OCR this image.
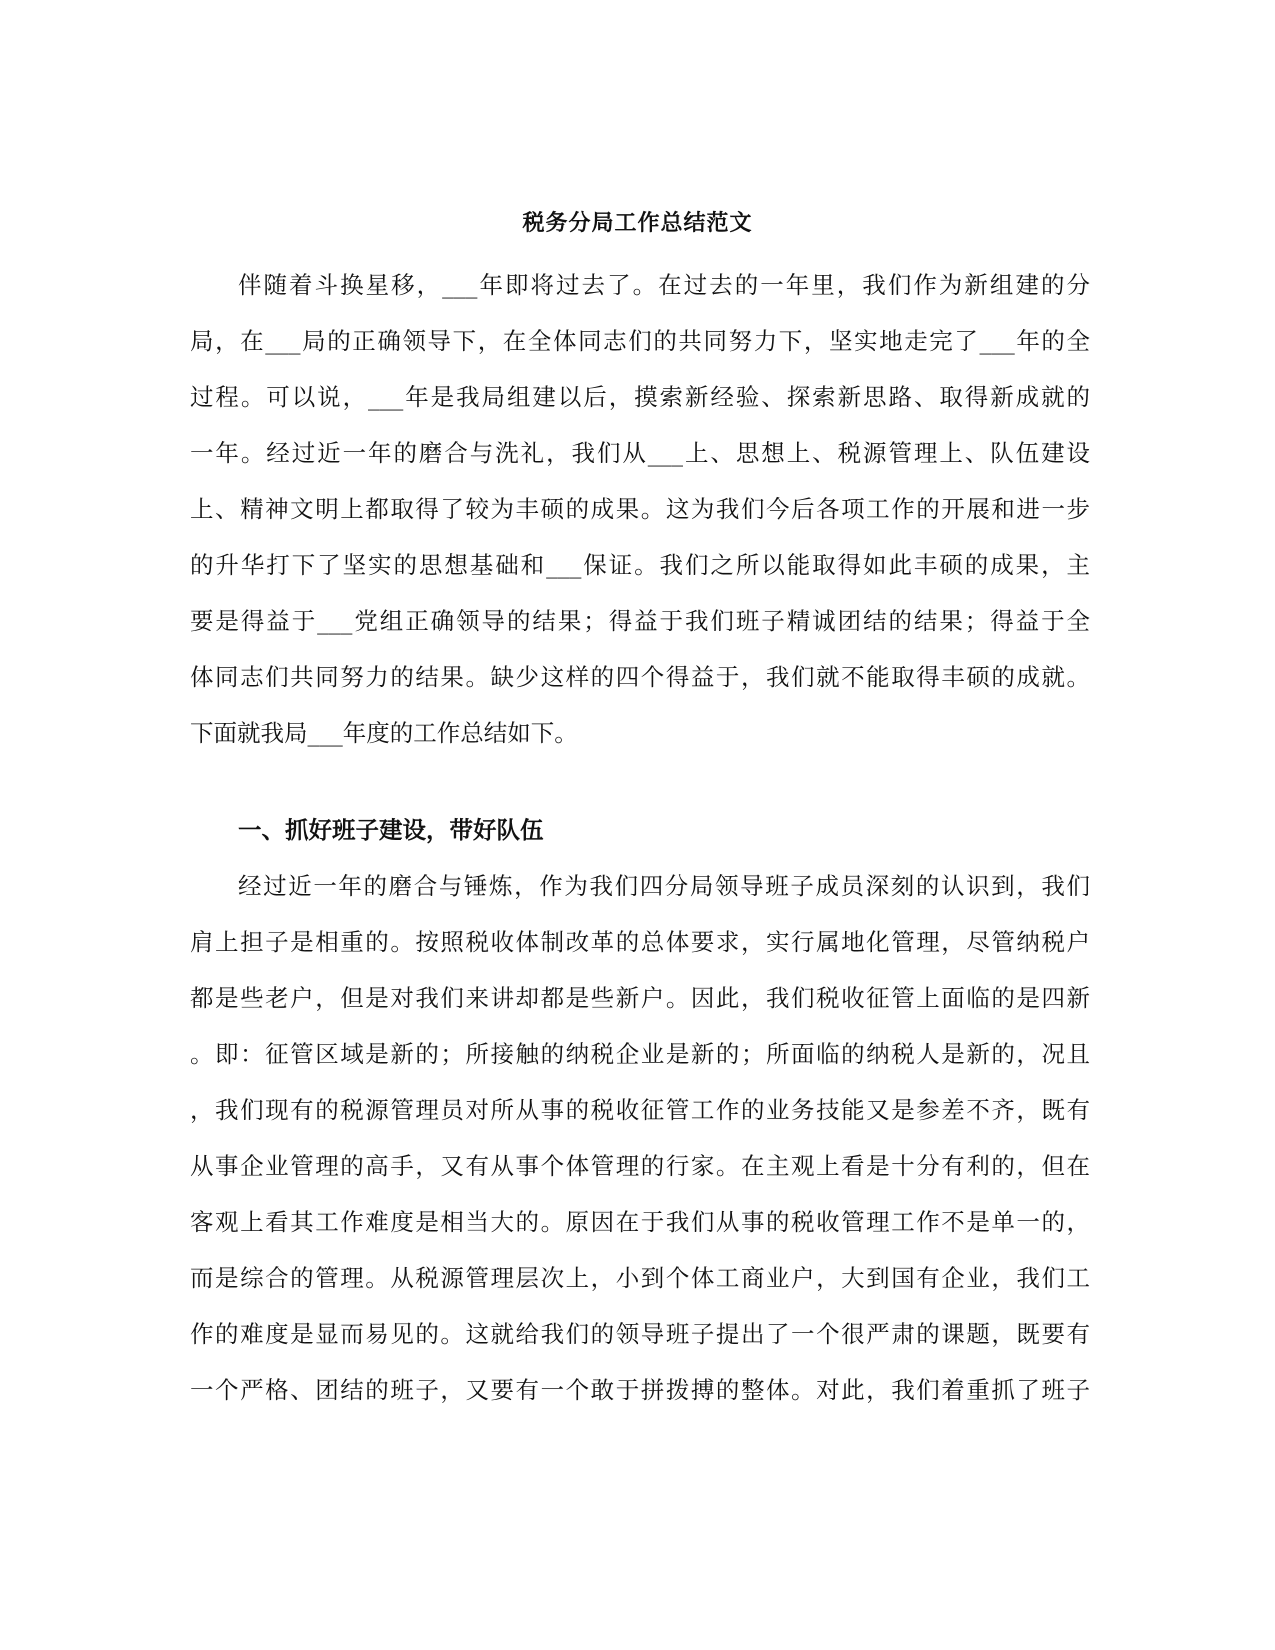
税务分局工作总结范文
伴随着斗换星移，___年即将过去了。在过去的一年里，我们作为新组建的分
局，在___局的正确领导下，在全体同志们的共同努力下，坚实地走完了___年的全
过程。可以说，___年是我局组建以后，摸索新经验、探索新思路、取得新成就的
一年。经过近一年的磨合与洗礼，我们从___上、思想上、税源管理上、队伍建设
上、精神文明上都取得了较为丰硕的成果。这为我们今后各项工作的开展和进一步
的升华打下了坚实的思想基础和___保证。我们之所以能取得如此丰硕的成果，主
要是得益于___党组正确领导的结果；得益于我们班子精诚团结的结果；得益于全
体同志们共同努力的结果。缺少这样的四个得益于，我们就不能取得丰硕的成就。
下面就我局___年度的工作总结如下。
一、抓好班子建设，带好队伍
经过近一年的磨合与锤炼，作为我们四分局领导班子成员深刻的认识到，我们
肩上担子是相重的。按照税收体制改革的总体要求，实行属地化管理，尽管纳税户
都是些老户，但是对我们来讲却都是些新户。因此，我们税收征管上面临的是四新
。即：征管区域是新的；所接触的纳税企业是新的；所面临的纳税人是新的，况且
，我们现有的税源管理员对所从事的税收征管工作的业务技能又是参差不齐，既有
从事企业管理的高手，又有从事个体管理的行家。在主观上看是十分有利的，但在
客观上看其工作难度是相当大的。原因在于我们从事的税收管理工作不是单一的，
而是综合的管理。从税源管理层次上，小到个体工商业户，大到国有企业，我们工
作的难度是显而易见的。这就给我们的领导班子提出了一个很严肃的课题，既要有
一个严格、团结的班子，又要有一个敢于拼拨搏的整体。对此，我们着重抓了班子
